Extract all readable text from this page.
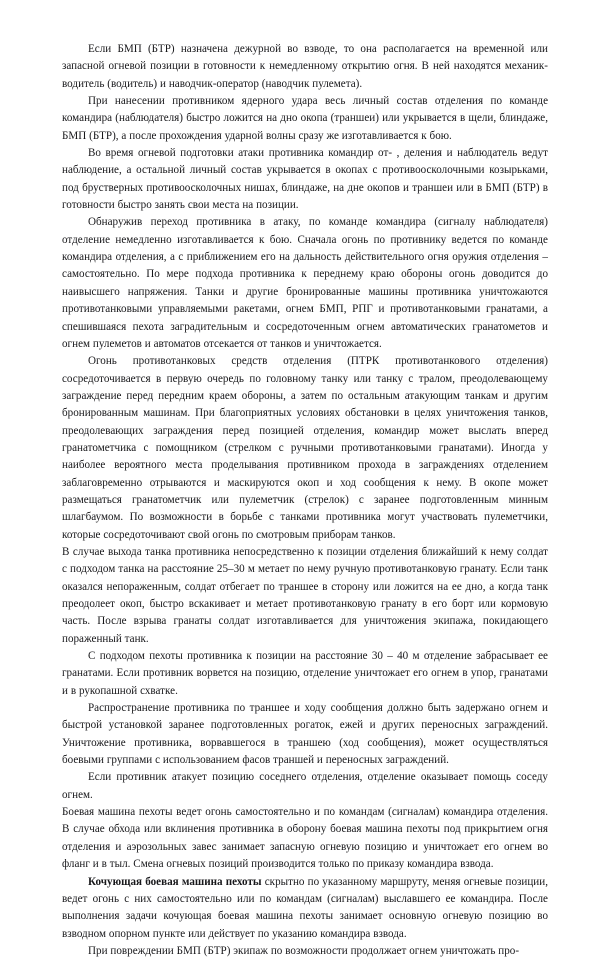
Если БМП (БТР) назначена дежурной во взводе, то она располагается на временной или запасной огневой позиции в готовности к немедленному открытию огня. В ней находятся механик-водитель (водитель) и наводчик-оператор (наводчик пулемета).

При нанесении противником ядерного удара весь личный состав отделения по команде командира (наблюдателя) быстро ложится на дно окопа (траншеи) или укрывается в щели, блиндаже, БМП (БТР), а после прохождения ударной волны сразу же изготавливается к бою.

Во время огневой подготовки атаки противника командир от- , деления и наблюдатель ведут наблюдение, а остальной личный состав укрывается в окопах с противоосколочными козырьками, под брустверных противоосколочных нишах, блиндаже, на дне окопов и траншеи или в БМП (БТР) в готовности быстро занять свои места на позиции.

Обнаружив переход противника в атаку, по команде командира (сигналу наблюдателя) отделение немедленно изготавливается к бою. Сначала огонь по противнику ведется по команде командира отделения, а с приближением его на дальность действительного огня оружия отделения – самостоятельно. По мере подхода противника к переднему краю обороны огонь доводится до наивысшего напряжения. Танки и другие бронированные машины противника уничтожаются противотанковыми управляемыми ракетами, огнем БМП, РПГ и противотанковыми гранатами, а спешившаяся пехота заградительным и сосредоточенным огнем автоматических гранатометов и огнем пулеметов и автоматов отсекается от танков и уничтожается.

Огонь противотанковых средств отделения (ПТРК противотанкового отделения) сосредоточивается в первую очередь по головному танку или танку с тралом, преодолевающему заграждение перед передним краем обороны, а затем по остальным атакующим танкам и другим бронированным машинам. При благоприятных условиях обстановки в целях уничтожения танков, преодолевающих заграждения перед позицией отделения, командир может выслать вперед гранатометчика с помощником (стрелком с ручными противотанковыми гранатами). Иногда у наиболее вероятного места проделывания противником прохода в заграждениях отделением заблаговременно отрываются и маскируются окоп и ход сообщения к нему. В окопе может размещаться гранатометчик или пулеметчик (стрелок) с заранее подготовленным минным шлагбаумом. По возможности в борьбе с танками противника могут участвовать пулеметчики, которые сосредоточивают свой огонь по смотровым приборам танков.

В случае выхода танка противника непосредственно к позиции отделения ближайший к нему солдат с подходом танка на расстояние 25–30 м метает по нему ручную противотанковую гранату. Если танк оказался непораженным, солдат отбегает по траншее в сторону или ложится на ее дно, а когда танк преодолеет окоп, быстро вскакивает и метает противотанковую гранату в его борт или кормовую часть. После взрыва гранаты солдат изготавливается для уничтожения экипажа, покидающего пораженный танк.

С подходом пехоты противника к позиции на расстояние 30 – 40 м отделение забрасывает ее гранатами. Если противник ворвется на позицию, отделение уничтожает его огнем в упор, гранатами и в рукопашной схватке.

Распространение противника по траншее и ходу сообщения должно быть задержано огнем и быстрой установкой заранее подготовленных рогаток, ежей и других переносных заграждений. Уничтожение противника, ворвавшегося в траншею (ход сообщения), может осуществляться боевыми группами с использованием фасов траншей и переносных заграждений.

Если противник атакует позицию соседнего отделения, отделение оказывает помощь соседу огнем.

Боевая машина пехоты ведет огонь самостоятельно и по командам (сигналам) командира отделения. В случае обхода или вклинения противника в оборону боевая машина пехоты под прикрытием огня отделения и аэрозольных завес занимает запасную огневую позицию и уничтожает его огнем во фланг и в тыл. Смена огневых позиций производится только по приказу командира взвода.

Кочующая боевая машина пехоты скрытно по указанному маршруту, меняя огневые позиции, ведет огонь с них самостоятельно или по командам (сигналам) выславшего ее командира. После выполнения задачи кочующая боевая машина пехоты занимает основную огневую позицию во взводном опорном пункте или действует по указанию командира взвода.

При повреждении БМП (БТР) экипаж по возможности продолжает огнем уничтожать про-
